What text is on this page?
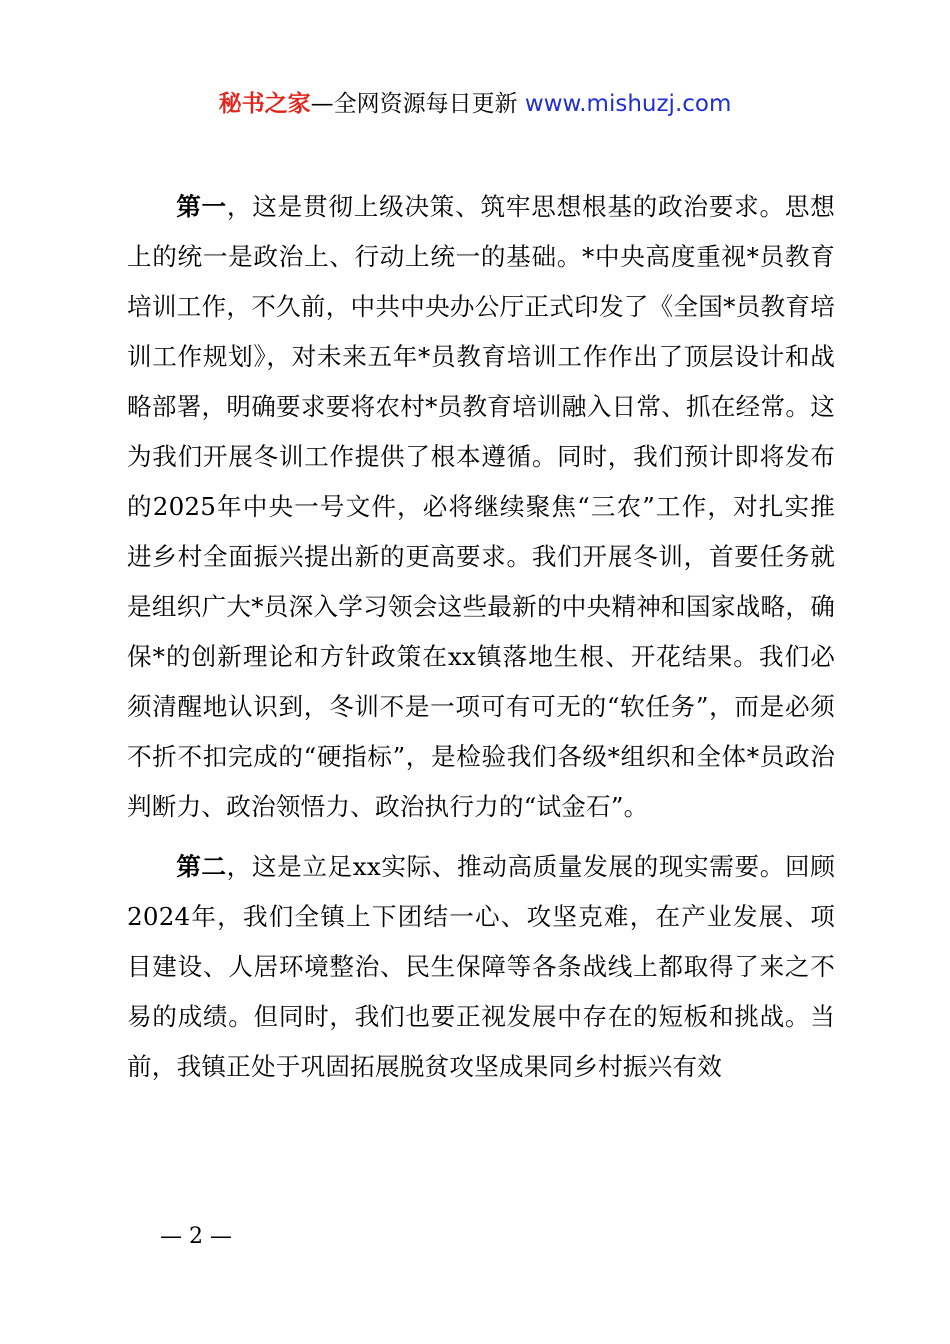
秘书之家—全网资源每日更新 www.mishuzj.com

第一，这是贯彻上级决策、筑牢思想根基的政治要求。思想上的统一是政治上、行动上统一的基础。*中央高度重视*员教育培训工作，不久前，中共中央办公厅正式印发了《全国*员教育培训工作规划》，对未来五年*员教育培训工作作出了顶层设计和战略部署，明确要求要将农村*员教育培训融入日常、抓在经常。这为我们开展冬训工作提供了根本遵循。同时，我们预计即将发布的2025年中央一号文件，必将继续聚焦“三农”工作，对扎实推进乡村全面振兴提出新的更高要求。我们开展冬训，首要任务就是组织广大*员深入学习领会这些最新的中央精神和国家战略，确保*的创新理论和方针政策在xx镇落地生根、开花结果。我们必须清醒地认识到，冬训不是一项可有可无的“软任务”，而是必须不折不扣完成的“硬指标”，是检验我们各级*组织和全体*员政治判断力、政治领悟力、政治执行力的“试金石”。

第二，这是立足xx实际、推动高质量发展的现实需要。回顾2024年，我们全镇上下团结一心、攻坚克难，在产业发展、项目建设、人居环境整治、民生保障等各条战线上都取得了来之不易的成绩。但同时，我们也要正视发展中存在的短板和挑战。当前，我镇正处于巩固拓展脱贫攻坚成果同乡村振兴有效

— 2 —
